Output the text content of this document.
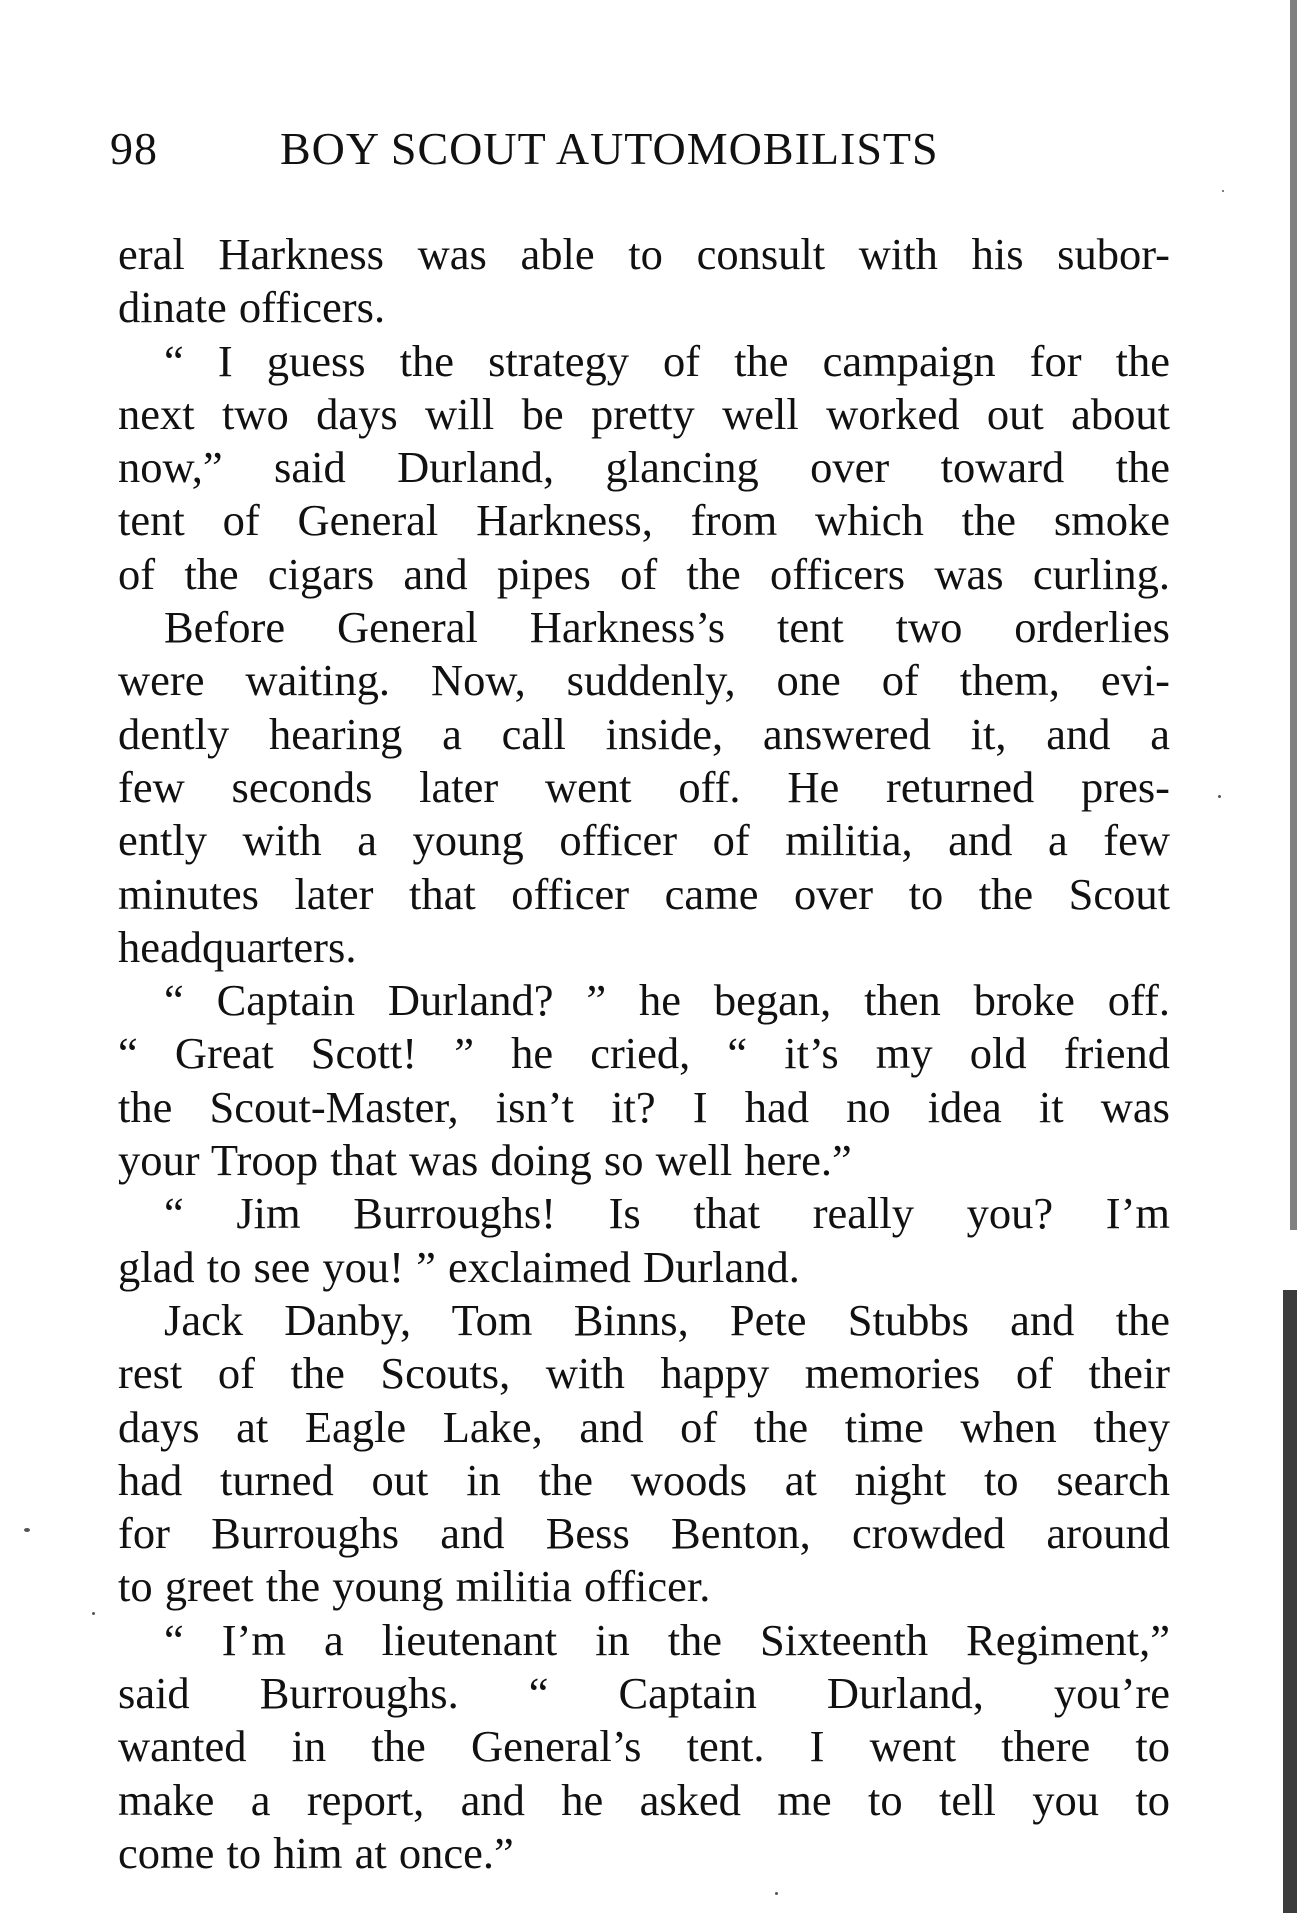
98	BOY SCOUT AUTOMOBILISTS
eral Harkness was able to consult with his subor-
dinate officers.
“ I guess the strategy of the campaign for the
next two days will be pretty well worked out about
now,” said Durland, glancing over toward the
tent of General Harkness, from which the smoke
of the cigars and pipes of the officers was curling.
Before General Harkness’s tent two orderlies
were waiting. Now, suddenly, one of them, evi-
dently hearing a call inside, answered it, and a
few seconds later went off. He returned pres-
ently with a young officer of militia, and a few
minutes later that officer came over to the Scout
headquarters.
“ Captain Durland? ” he began, then broke off.
“ Great Scott! ” he cried, “ it’s my old friend
the Scout-Master, isn’t it? I had no idea it was
your Troop that was doing so well here.”
“ Jim Burroughs! Is that really you? I’m
glad to see you! ” exclaimed Durland.
Jack Danby, Tom Binns, Pete Stubbs and the
rest of the Scouts, with happy memories of their
days at Eagle Lake, and of the time when they
had turned out in the woods at night to search
for Burroughs and Bess Benton, crowded around
to greet the young militia officer.
“ I’m a lieutenant in the Sixteenth Regiment,”
said Burroughs. “ Captain Durland, you’re
wanted in the General’s tent. I went there to
make a report, and he asked me to tell you to
come to him at once.”
